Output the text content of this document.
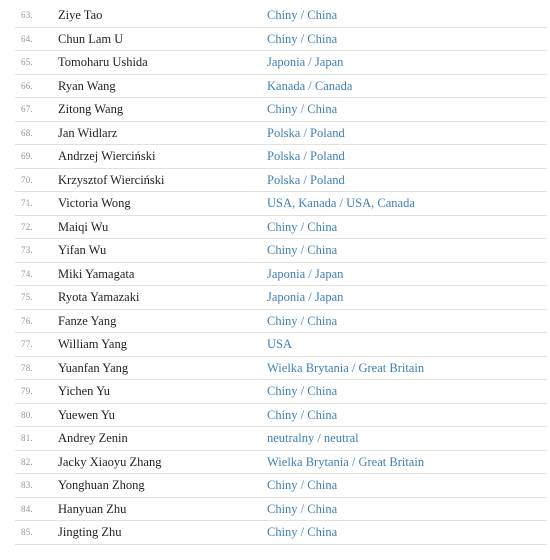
63. Ziye Tao	Chiny / China
64. Chun Lam U	Chiny / China
65. Tomoharu Ushida	Japonia / Japan
66. Ryan Wang	Kanada / Canada
67. Zitong Wang	Chiny / China
68. Jan Widlarz	Polska / Poland
69. Andrzej Wierciński	Polska / Poland
70. Krzysztof Wierciński	Polska / Poland
71. Victoria Wong	USA, Kanada / USA, Canada
72. Maiqi Wu	Chiny / China
73. Yifan Wu	Chiny / China
74. Miki Yamagata	Japonia / Japan
75. Ryota Yamazaki	Japonia / Japan
76. Fanze Yang	Chiny / China
77. William Yang	USA
78. Yuanfan Yang	Wielka Brytania / Great Britain
79. Yichen Yu	Chiny / China
80. Yuewen Yu	Chiny / China
81. Andrey Zenin	neutralny / neutral
82. Jacky Xiaoyu Zhang	Wielka Brytania / Great Britain
83. Yonghuan Zhong	Chiny / China
84. Hanyuan Zhu	Chiny / China
85. Jingting Zhu	Chiny / China
